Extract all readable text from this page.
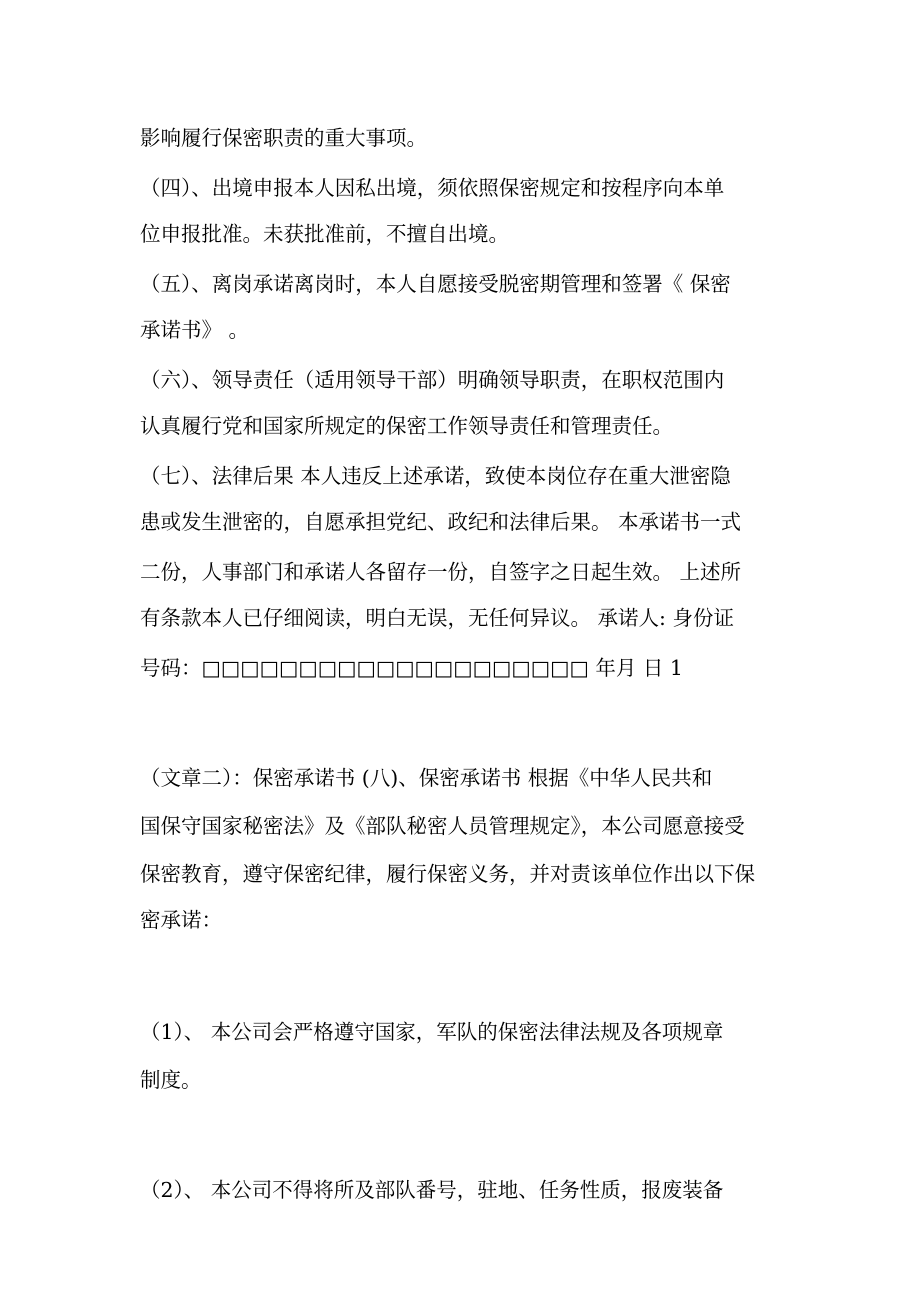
影响履行保密职责的重大事项。

（四）、出境申报本人因私出境，须依照保密规定和按程序向本单

位申报批准。未获批准前，不擅自出境。

（五）、离岗承诺离岗时，本人自愿接受脱密期管理和签署《 保密

承诺书》 。

（六）、领导责任（适用领导干部）明确领导职责，在职权范围内

认真履行党和国家所规定的保密工作领导责任和管理责任。

（七）、法律后果 本人违反上述承诺，致使本岗位存在重大泄密隐

患或发生泄密的，自愿承担党纪、政纪和法律后果。 本承诺书一式

二份，人事部门和承诺人各留存一份，自签字之日起生效。 上述所

有条款本人已仔细阅读，明白无误，无任何异议。 承诺人: 身份证

号码：□□□□□□□□□□□□□□□□□□□□ 年月 日 1

（文章二）：保密承诺书 (八)、保密承诺书 根据《中华人民共和

国保守国家秘密法》及《部队秘密人员管理规定》，本公司愿意接受

保密教育，遵守保密纪律，履行保密义务，并对责该单位作出以下保

密承诺：

（1）、 本公司会严格遵守国家，军队的保密法律法规及各项规章

制度。

（2）、 本公司不得将所及部队番号，驻地、任务性质，报废装备
